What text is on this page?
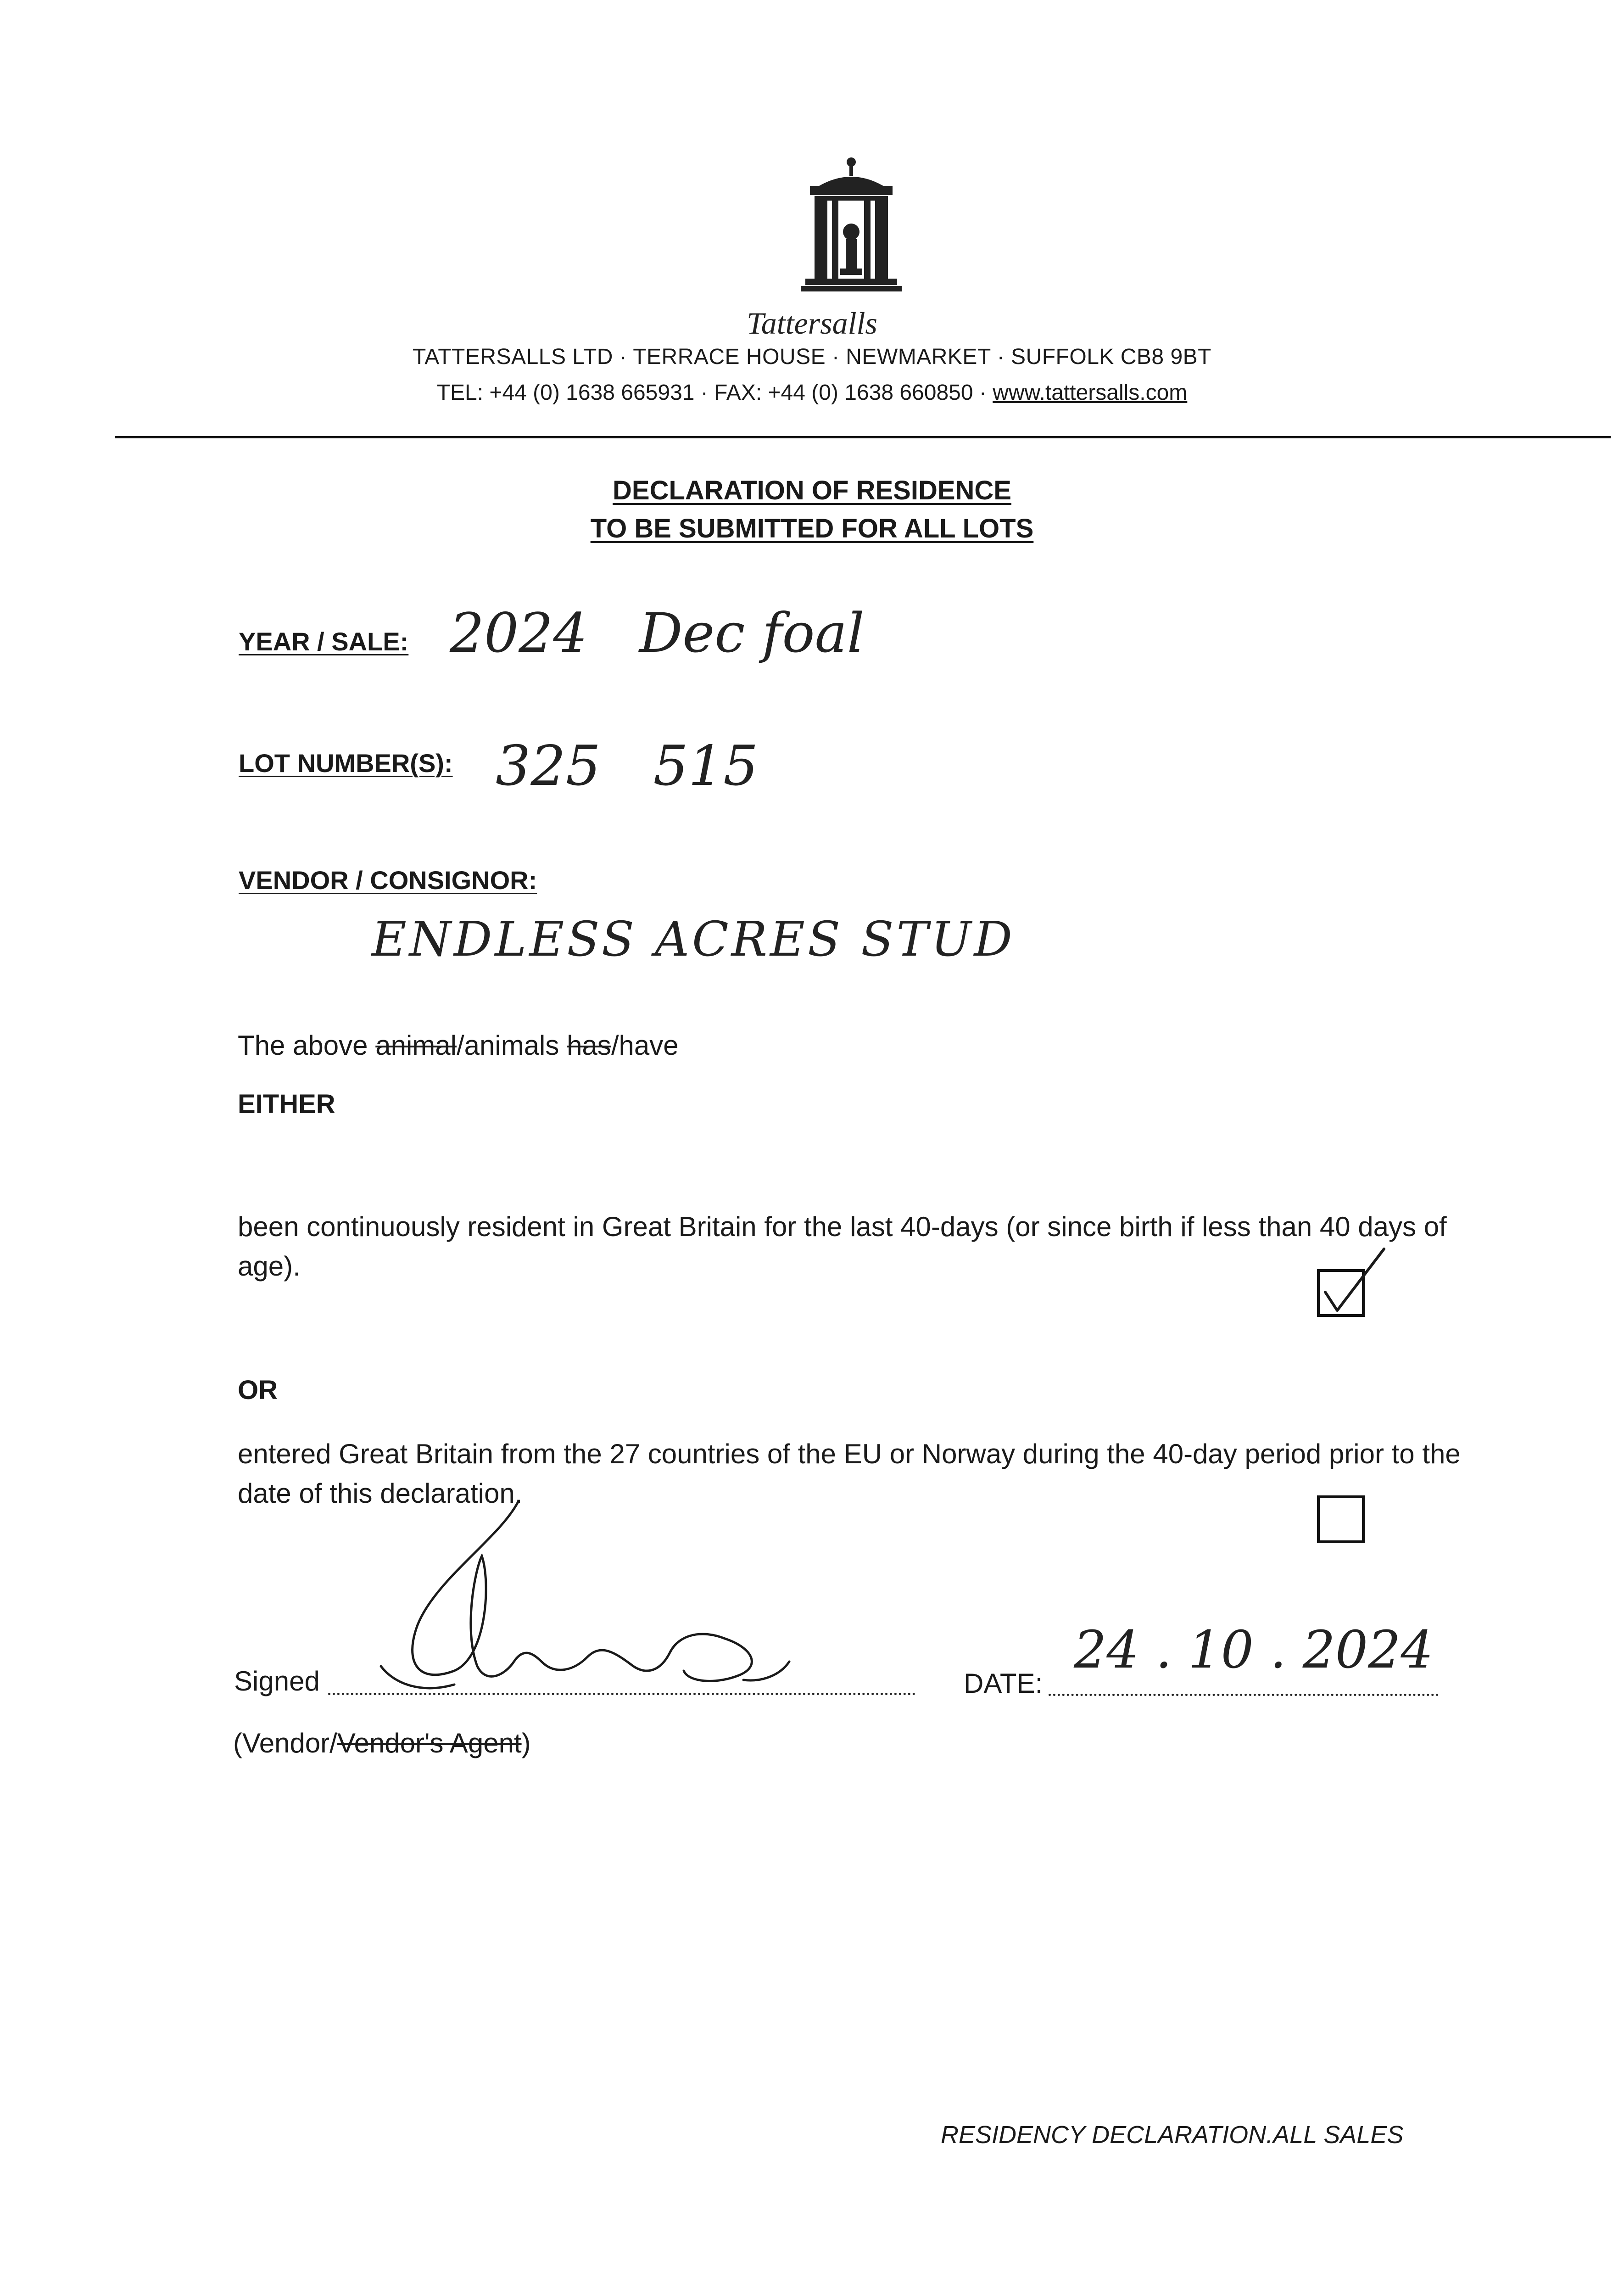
Tattersalls
TATTERSALLS LTD · TERRACE HOUSE · NEWMARKET · SUFFOLK CB8 9BT
TEL: +44 (0) 1638 665931 · FAX: +44 (0) 1638 660850 · www.tattersalls.com
DECLARATION OF RESIDENCE
TO BE SUBMITTED FOR ALL LOTS
YEAR / SALE: 2024   Dec foal
LOT NUMBER(S): 325   515
VENDOR / CONSIGNOR:
ENDLESS ACRES STUD
The above animal/animals has/have
EITHER
been continuously resident in Great Britain for the last 40-days (or since birth if less than 40 days of age).
OR
entered Great Britain from the 27 countries of the EU or Norway during the 40-day period prior to the date of this declaration.
Signed	DATE:
24 . 10 . 2024
(Vendor/Vendor's Agent)
RESIDENCY DECLARATION.ALL SALES
